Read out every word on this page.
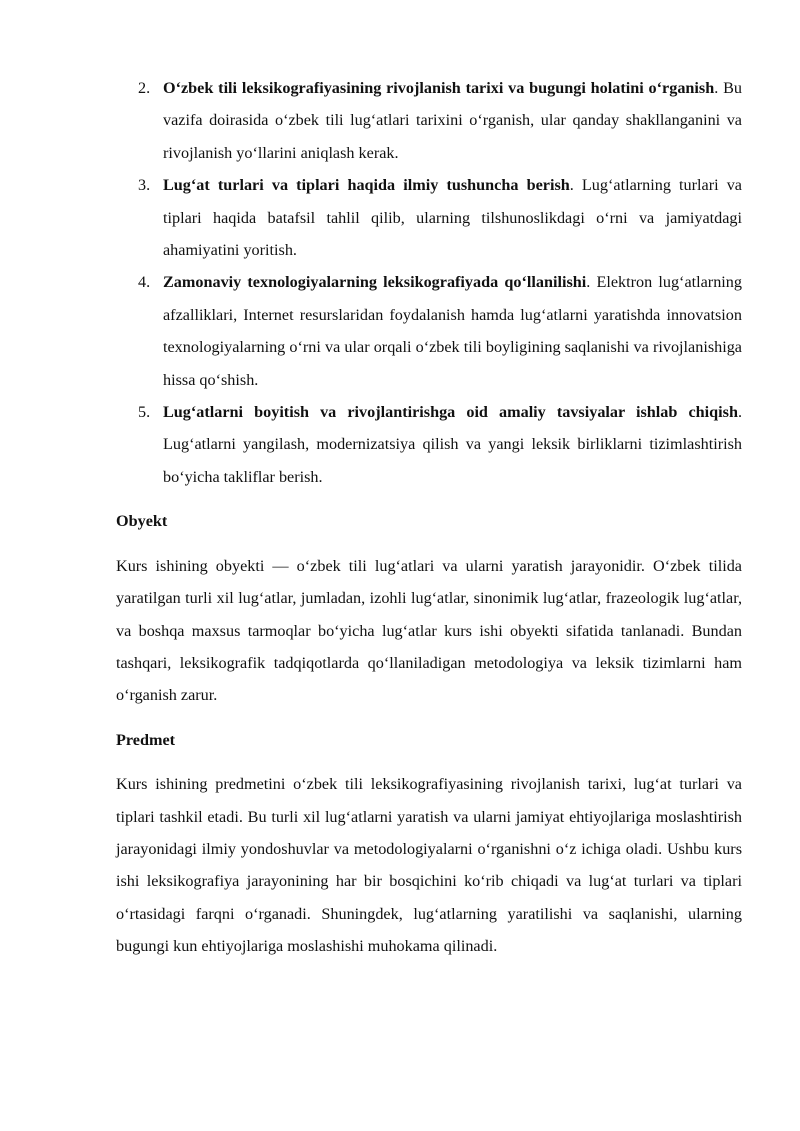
2. O‘zbek tili leksikografiyasining rivojlanish tarixi va bugungi holatini o‘rganish. Bu vazifa doirasida o‘zbek tili lug‘atlari tarixini o‘rganish, ular qanday shakllanganini va rivojlanish yo‘llarini aniqlash kerak.
3. Lug‘at turlari va tiplari haqida ilmiy tushuncha berish. Lug‘atlarning turlari va tiplari haqida batafsil tahlil qilib, ularning tilshunoslikdagi o‘rni va jamiyatdagi ahamiyatini yoritish.
4. Zamonaviy texnologiyalarning leksikografiyada qo‘llanilishi. Elektron lug‘atlarning afzalliklari, Internet resurslaridan foydalanish hamda lug‘atlarni yaratishda innovatsion texnologiyalarning o‘rni va ular orqali o‘zbek tili boyligining saqlanishi va rivojlanishiga hissa qo‘shish.
5. Lug‘atlarni boyitish va rivojlantirishga oid amaliy tavsiyalar ishlab chiqish. Lug‘atlarni yangilash, modernizatsiya qilish va yangi leksik birliklarni tizimlashtirish bo‘yicha takliflar berish.
Obyekt

Kurs ishining obyekti — o‘zbek tili lug‘atlari va ularni yaratish jarayonidir. O‘zbek tilida yaratilgan turli xil lug‘atlar, jumladan, izohli lug‘atlar, sinonimik lug‘atlar, frazeologik lug‘atlar, va boshqa maxsus tarmoqlar bo‘yicha lug‘atlar kurs ishi obyekti sifatida tanlanadi. Bundan tashqari, leksikografik tadqiqotlarda qo‘llaniladigan metodologiya va leksik tizimlarni ham o‘rganish zarur.

Predmet

Kurs ishining predmetini o‘zbek tili leksikografiyasining rivojlanish tarixi, lug‘at turlari va tiplari tashkil etadi. Bu turli xil lug‘atlarni yaratish va ularni jamiyat ehtiyojlariga moslashtirish jarayonidagi ilmiy yondoshuvlar va metodologiyalarni o‘rganishni o‘z ichiga oladi. Ushbu kurs ishi leksikografiya jarayonining har bir bosqichini ko‘rib chiqadi va lug‘at turlari va tiplari o‘rtasidagi farqni o‘rganadi. Shuningdek, lug‘atlarning yaratilishi va saqlanishi, ularning bugungi kun ehtiyojlariga moslashishi muhokama qilinadi.
